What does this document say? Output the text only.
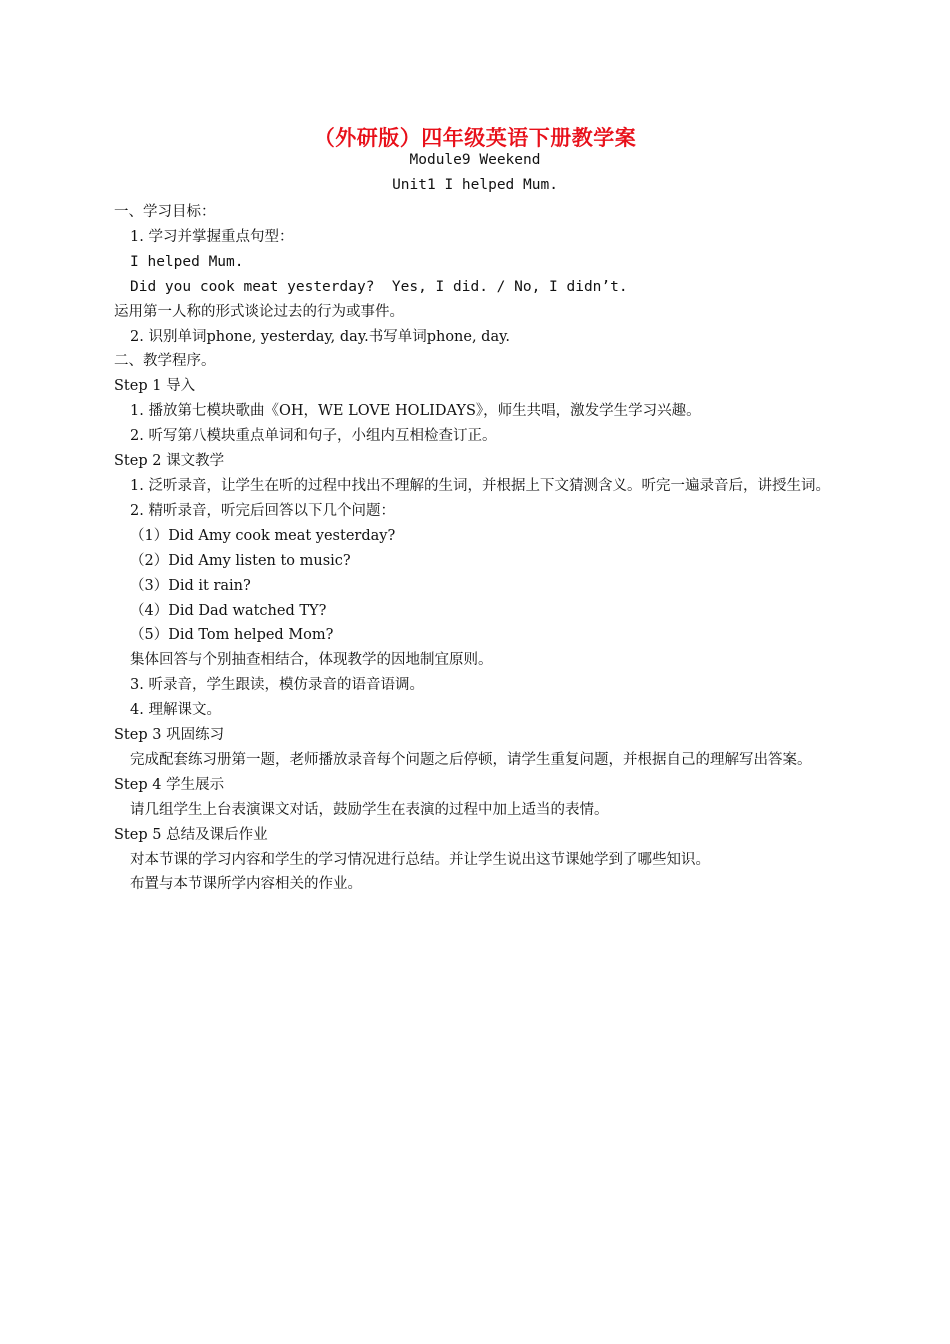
（外研版）四年级英语下册教学案
Module9 Weekend
Unit1 I helped Mum.

一、学习目标：

1. 学习并掌握重点句型：

I helped Mum.

Did you cook meat yesterday?  Yes, I did. / No, I didn’t.

运用第一人称的形式谈论过去的行为或事件。

2. 识别单词phone, yesterday, day.书写单词phone, day.

二、教学程序。

Step 1 导入

1. 播放第七模块歌曲《OH，WE LOVE HOLIDAYS》，师生共唱，激发学生学习兴趣。

2. 听写第八模块重点单词和句子，小组内互相检查订正。

Step 2 课文教学

1. 泛听录音，让学生在听的过程中找出不理解的生词，并根据上下文猜测含义。听完一遍录音后，讲授生词。

2. 精听录音，听完后回答以下几个问题：

（1）Did Amy cook meat yesterday?

（2）Did Amy listen to music?

（3）Did it rain?

（4）Did Dad watched TY?

（5）Did Tom helped Mom?

集体回答与个别抽查相结合，体现教学的因地制宜原则。

3. 听录音，学生跟读，模仿录音的语音语调。

4. 理解课文。

Step 3 巩固练习

完成配套练习册第一题，老师播放录音每个问题之后停顿，请学生重复问题，并根据自己的理解写出答案。

Step 4 学生展示

请几组学生上台表演课文对话，鼓励学生在表演的过程中加上适当的表情。

Step 5 总结及课后作业

对本节课的学习内容和学生的学习情况进行总结。并让学生说出这节课她学到了哪些知识。

布置与本节课所学内容相关的作业。
